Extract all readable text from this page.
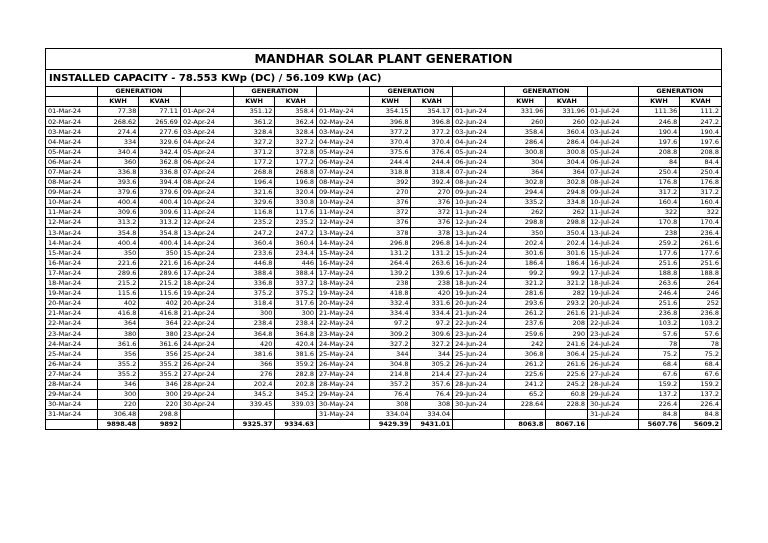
MANDHAR SOLAR PLANT GENERATION
INSTALLED CAPACITY - 78.553 KWp (DC) / 56.109 KWp (AC)
	GENERATION			GENERATION			GENERATION			GENERATION			GENERATION	
	KWH	KVAH		KWH	KVAH		KWH	KVAH		KWH	KVAH		KWH	KVAH
01-Mar-24	77.38	77.11	01-Apr-24	351.12	358.4	01-May-24	354.15	354.17	01-Jun-24	331.96	331.96	01-Jul-24	111.36	111.2
02-Mar-24	268.62	265.69	02-Apr-24	361.2	362.4	02-May-24	396.8	396.8	02-Jun-24	260	260	02-Jul-24	246.8	247.2
03-Mar-24	274.4	277.6	03-Apr-24	328.4	328.4	03-May-24	377.2	377.2	03-Jun-24	358.4	360.4	03-Jul-24	190.4	190.4
04-Mar-24	334	329.6	04-Apr-24	327.2	327.2	04-May-24	370.4	370.4	04-Jun-24	286.4	286.4	04-Jul-24	197.6	197.6
05-Mar-24	340.4	342.4	05-Apr-24	371.2	372.8	05-May-24	375.6	376.4	05-Jun-24	300.8	300.8	05-Jul-24	208.8	208.8
06-Mar-24	360	362.8	06-Apr-24	177.2	177.2	06-May-24	244.4	244.4	06-Jun-24	304	304.4	06-Jul-24	84	84.4
07-Mar-24	336.8	336.8	07-Apr-24	268.8	268.8	07-May-24	318.8	318.4	07-Jun-24	364	364	07-Jul-24	250.4	250.4
08-Mar-24	393.6	394.4	08-Apr-24	196.4	196.8	08-May-24	392	392.4	08-Jun-24	302.8	302.8	08-Jul-24	176.8	176.8
09-Mar-24	379.6	379.6	09-Apr-24	321.6	320.4	09-May-24	270	270	09-Jun-24	294.4	294.8	09-Jul-24	317.2	317.2
10-Mar-24	400.4	400.4	10-Apr-24	329.6	330.8	10-May-24	376	376	10-Jun-24	335.2	334.8	10-Jul-24	160.4	160.4
11-Mar-24	309.6	309.6	11-Apr-24	116.8	117.6	11-May-24	372	372	11-Jun-24	262	262	11-Jul-24	322	322
12-Mar-24	313.2	313.2	12-Apr-24	235.2	235.2	12-May-24	376	376	12-Jun-24	298.8	298.8	12-Jul-24	170.8	170.4
13-Mar-24	354.8	354.8	13-Apr-24	247.2	247.2	13-May-24	378	378	13-Jun-24	350	350.4	13-Jul-24	238	236.4
14-Mar-24	400.4	400.4	14-Apr-24	360.4	360.4	14-May-24	296.8	296.8	14-Jun-24	202.4	202.4	14-Jul-24	259.2	261.6
15-Mar-24	350	350	15-Apr-24	233.6	234.4	15-May-24	131.2	131.2	15-Jun-24	301.6	301.6	15-Jul-24	177.6	177.6
16-Mar-24	221.6	221.6	16-Apr-24	446.8	446	16-May-24	264.4	263.6	16-Jun-24	186.4	186.4	16-Jul-24	251.6	251.6
17-Mar-24	289.6	289.6	17-Apr-24	388.4	388.4	17-May-24	139.2	139.6	17-Jun-24	99.2	99.2	17-Jul-24	188.8	188.8
18-Mar-24	215.2	215.2	18-Apr-24	336.8	337.2	18-May-24	238	238	18-Jun-24	321.2	321.2	18-Jul-24	263.6	264
19-Mar-24	115.6	115.6	19-Apr-24	375.2	375.2	19-May-24	418.8	420	19-Jun-24	281.6	282	19-Jul-24	246.4	246
20-Mar-24	402	402	20-Apr-24	318.4	317.6	20-May-24	332.4	331.6	20-Jun-24	293.6	293.2	20-Jul-24	251.6	252
21-Mar-24	416.8	416.8	21-Apr-24	300	300	21-May-24	334.4	334.4	21-Jun-24	261.2	261.6	21-Jul-24	236.8	236.8
22-Mar-24	364	364	22-Apr-24	238.4	238.4	22-May-24	97.2	97.2	22-Jun-24	237.6	208	22-Jul-24	103.2	103.2
23-Mar-24	380	380	23-Apr-24	364.8	364.8	23-May-24	309.2	309.6	23-Jun-24	259.6	290	23-Jul-24	57.6	57.6
24-Mar-24	361.6	361.6	24-Apr-24	420	420.4	24-May-24	327.2	327.2	24-Jun-24	242	241.6	24-Jul-24	78	78
25-Mar-24	356	356	25-Apr-24	381.6	381.6	25-May-24	344	344	25-Jun-24	306.8	306.4	25-Jul-24	75.2	75.2
26-Mar-24	355.2	355.2	26-Apr-24	366	359.2	26-May-24	304.8	305.2	26-Jun-24	261.2	261.6	26-Jul-24	68.4	68.4
27-Mar-24	355.2	355.2	27-Apr-24	276	282.8	27-May-24	214.8	214.4	27-Jun-24	225.6	225.6	27-Jul-24	67.6	67.6
28-Mar-24	346	346	28-Apr-24	202.4	202.8	28-May-24	357.2	357.6	28-Jun-24	241.2	245.2	28-Jul-24	159.2	159.2
29-Mar-24	300	300	29-Apr-24	345.2	345.2	29-May-24	76.4	76.4	29-Jun-24	65.2	60.8	29-Jul-24	137.2	137.2
30-Mar-24	220	220	30-Apr-24	339.45	339.03	30-May-24	308	308	30-Jun-24	228.64	228.8	30-Jul-24	226.4	226.4
31-Mar-24	306.48	298.8				31-May-24	334.04	334.04				31-Jul-24	84.8	84.8
	9898.48	9892		9325.37	9334.63		9429.39	9431.01		8063.8	8067.16		5607.76	5609.2
